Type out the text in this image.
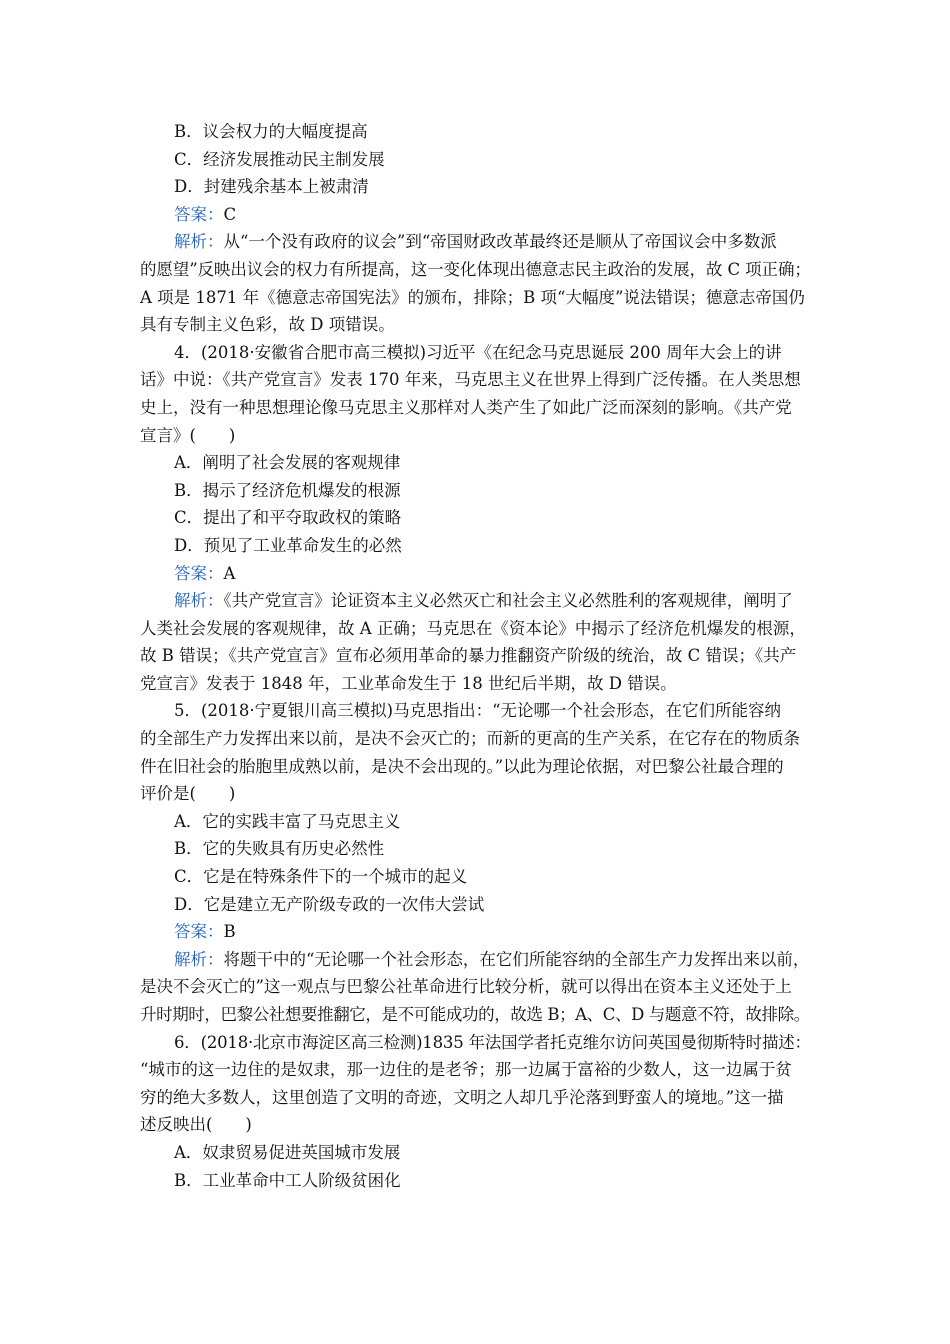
B．议会权力的大幅度提高
C．经济发展推动民主制发展
D．封建残余基本上被肃清
答案：C
解析：从“一个没有政府的议会”到“帝国财政改革最终还是顺从了帝国议会中多数派
的愿望”反映出议会的权力有所提高，这一变化体现出德意志民主政治的发展，故 C 项正确；
A 项是 1871 年《德意志帝国宪法》的颁布，排除；B 项“大幅度”说法错误；德意志帝国仍
具有专制主义色彩，故 D 项错误。
4．(2018·安徽省合肥市高三模拟)习近平《在纪念马克思诞辰 200 周年大会上的讲
话》中说：《共产党宣言》发表 170 年来，马克思主义在世界上得到广泛传播。在人类思想
史上，没有一种思想理论像马克思主义那样对人类产生了如此广泛而深刻的影响。《共产党
宣言》(　　)
A．阐明了社会发展的客观规律
B．揭示了经济危机爆发的根源
C．提出了和平夺取政权的策略
D．预见了工业革命发生的必然
答案：A
解析：《共产党宣言》论证资本主义必然灭亡和社会主义必然胜利的客观规律，阐明了
人类社会发展的客观规律，故 A 正确；马克思在《资本论》中揭示了经济危机爆发的根源，
故 B 错误；《共产党宣言》宣布必须用革命的暴力推翻资产阶级的统治，故 C 错误；《共产
党宣言》发表于 1848 年，工业革命发生于 18 世纪后半期，故 D 错误。
5．(2018·宁夏银川高三模拟)马克思指出：“无论哪一个社会形态，在它们所能容纳
的全部生产力发挥出来以前，是决不会灭亡的；而新的更高的生产关系，在它存在的物质条
件在旧社会的胎胞里成熟以前，是决不会出现的。”以此为理论依据，对巴黎公社最合理的
评价是(　　)
A．它的实践丰富了马克思主义
B．它的失败具有历史必然性
C．它是在特殊条件下的一个城市的起义
D．它是建立无产阶级专政的一次伟大尝试
答案：B
解析：将题干中的“无论哪一个社会形态，在它们所能容纳的全部生产力发挥出来以前，
是决不会灭亡的”这一观点与巴黎公社革命进行比较分析，就可以得出在资本主义还处于上
升时期时，巴黎公社想要推翻它，是不可能成功的，故选 B；A、C、D 与题意不符，故排除。
6．(2018·北京市海淀区高三检测)1835 年法国学者托克维尔访问英国曼彻斯特时描述：
“城市的这一边住的是奴隶，那一边住的是老爷；那一边属于富裕的少数人，这一边属于贫
穷的绝大多数人，这里创造了文明的奇迹，文明之人却几乎沦落到野蛮人的境地。”这一描
述反映出(　　)
A．奴隶贸易促进英国城市发展
B．工业革命中工人阶级贫困化
